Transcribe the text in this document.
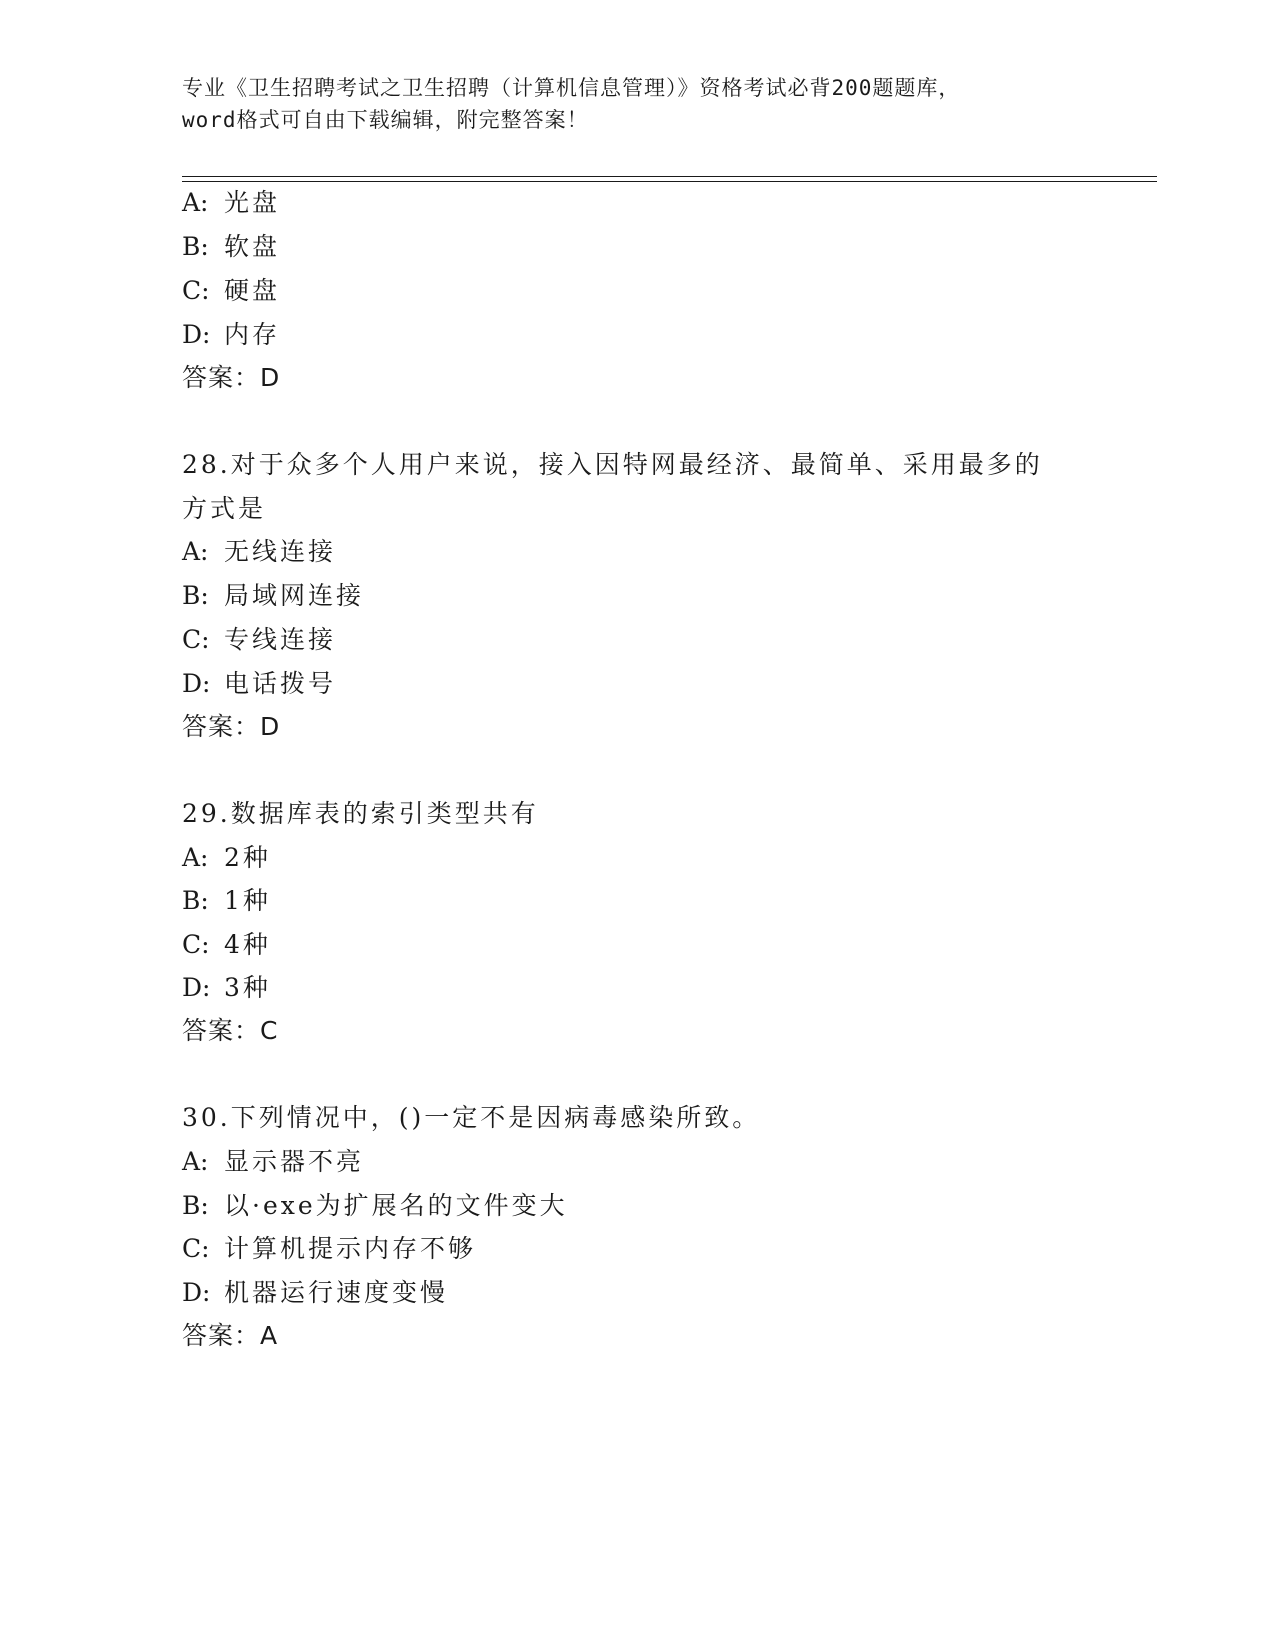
专业《卫生招聘考试之卫生招聘（计算机信息管理）》资格考试必背200题题库，
word格式可自由下载编辑，附完整答案！
A: 光盘
B: 软盘
C: 硬盘
D: 内存
答案：D
28.对于众多个人用户来说，接入因特网最经济、最简单、采用最多的
方式是
A: 无线连接
B: 局域网连接
C: 专线连接
D: 电话拨号
答案：D
29.数据库表的索引类型共有
A: 2种
B: 1种
C: 4种
D: 3种
答案：C
30.下列情况中，()一定不是因病毒感染所致。
A: 显示器不亮
B: 以·exe为扩展名的文件变大
C: 计算机提示内存不够
D: 机器运行速度变慢
答案：A
